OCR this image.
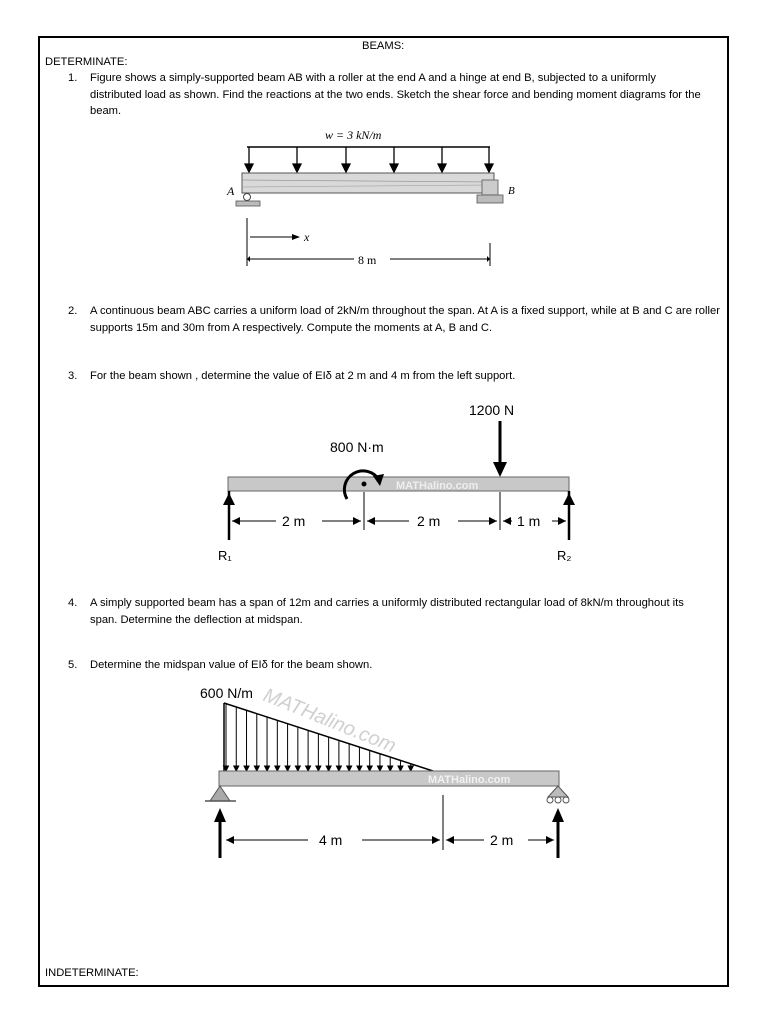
BEAMS:
DETERMINATE:
1. Figure shows a simply-supported beam AB with a roller at the end A and a hinge at end B, subjected to a uniformly distributed load as shown. Find the reactions at the two ends. Sketch the shear force and bending moment diagrams for the beam.
w = 3 kN/m
A	B
x
8 m
2. A continuous beam ABC carries a uniform load of 2kN/m throughout the span. At A is a fixed support, while at B and C are roller supports 15m and 30m from A respectively. Compute the moments at A, B and C.
3. For the beam shown , determine the value of EIδ at 2 m and 4 m from the left support.
1200 N
800 N·m
MATHalino.com
2 m	2 m	1 m
R₁	R₂
4. A simply supported beam has a span of 12m and carries a uniformly distributed rectangular load of 8kN/m throughout its span. Determine the deflection at midspan.
5. Determine the midspan value of EIδ for the beam shown.
600 N/m MATHalino.com
MATHalino.com
4 m	2 m
INDETERMINATE:
